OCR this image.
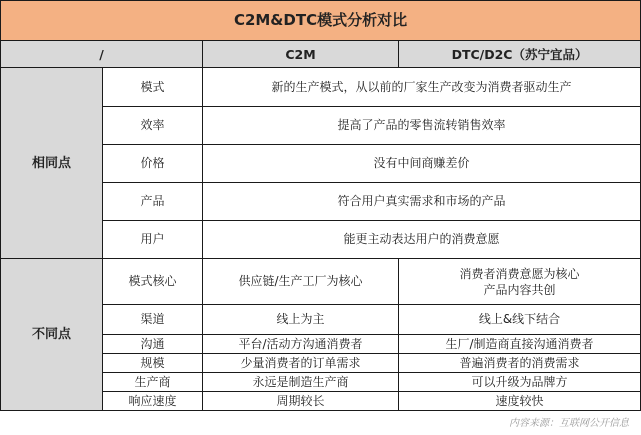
C2M&DTC模式分析对比			
/		C2M	DTC/D2C（苏宁宜品）
相同点	模式	新的生产模式，从以前的厂家生产改变为消费者驱动生产	
	效率	提高了产品的零售流转销售效率	
	价格	没有中间商赚差价	
	产品	符合用户真实需求和市场的产品	
	用户	能更主动表达用户的消费意愿	
不同点	模式核心	供应链/生产工厂为核心	消费者消费意愿为核心
产品内容共创

	渠道	线上为主	线上&线下结合
	沟通	平台/活动方沟通消费者	生厂/制造商直接沟通消费者
	规模	少量消费者的订单需求	普遍消费者的消费需求
	生产商	永远是制造生产商	可以升级为品牌方
	响应速度	周期较长	速度较快
内容来源：互联网公开信息
